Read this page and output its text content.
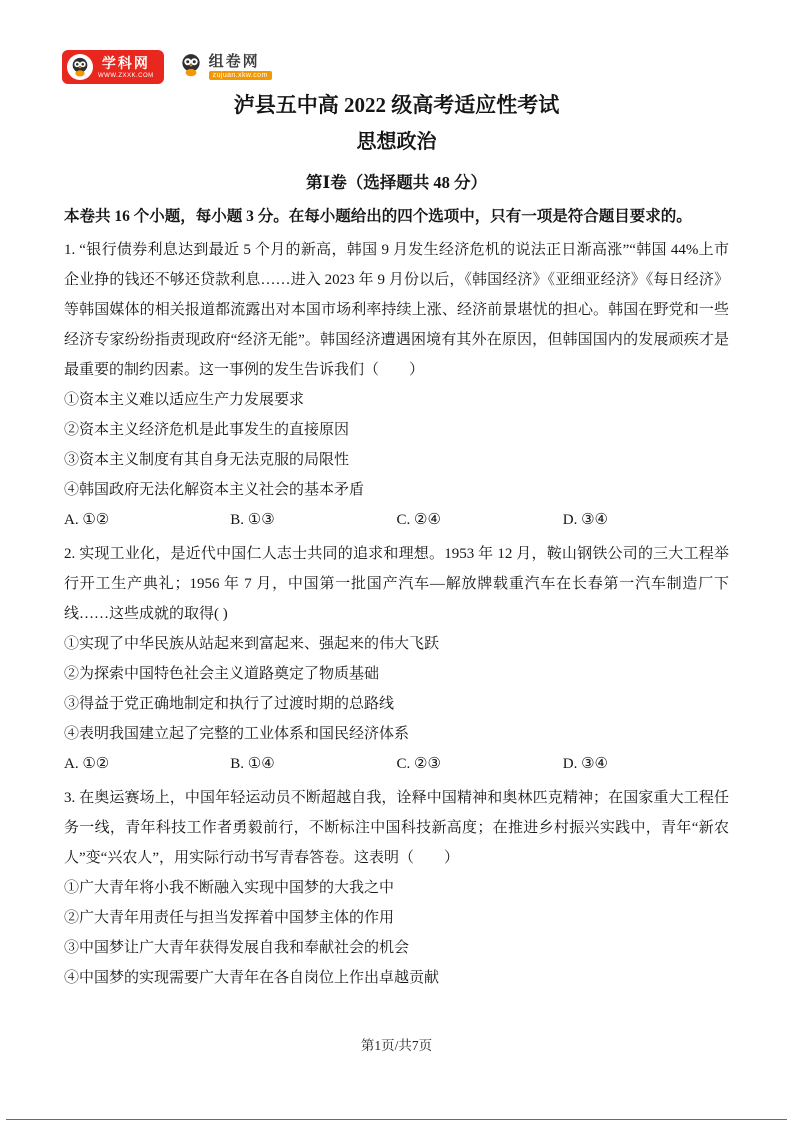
学科网
WWW.ZXXK.COM
组卷网
zujuan.xkw.com
泸县五中高 2022 级高考适应性考试
思想政治
第Ⅰ卷（选择题共 48 分）

本卷共 16 个小题，每小题 3 分。在每小题给出的四个选项中，只有一项是符合题目要求的。

1. “银行债券利息达到最近 5 个月的新高，韩国 9 月发生经济危机的说法正日渐高涨”“韩国 44%上市企业挣的钱还不够还贷款利息……进入 2023 年 9 月份以后，《韩国经济》《亚细亚经济》《每日经济》等韩国媒体的相关报道都流露出对本国市场利率持续上涨、经济前景堪忧的担心。韩国在野党和一些经济专家纷纷指责现政府“经济无能”。韩国经济遭遇困境有其外在原因，但韩国国内的发展顽疾才是最重要的制约因素。这一事例的发生告诉我们（　　）

①资本主义难以适应生产力发展要求

②资本主义经济危机是此事发生的直接原因

③资本主义制度有其自身无法克服的局限性

④韩国政府无法化解资本主义社会的基本矛盾

A. ①②	B. ①③	C. ②④	D. ③④

2. 实现工业化，是近代中国仁人志士共同的追求和理想。1953 年 12 月，鞍山钢铁公司的三大工程举行开工生产典礼；1956 年 7 月，中国第一批国产汽车—解放牌载重汽车在长春第一汽车制造厂下线……这些成就的取得( )

①实现了中华民族从站起来到富起来、强起来的伟大飞跃

②为探索中国特色社会主义道路奠定了物质基础

③得益于党正确地制定和执行了过渡时期的总路线

④表明我国建立起了完整的工业体系和国民经济体系

A. ①②	B. ①④	C. ②③	D. ③④

3. 在奥运赛场上，中国年轻运动员不断超越自我，诠释中国精神和奥林匹克精神；在国家重大工程任务一线，青年科技工作者勇毅前行，不断标注中国科技新高度；在推进乡村振兴实践中，青年“新农人”变“兴农人”，用实际行动书写青春答卷。这表明（　　）

①广大青年将小我不断融入实现中国梦的大我之中

②广大青年用责任与担当发挥着中国梦主体的作用

③中国梦让广大青年获得发展自我和奉献社会的机会

④中国梦的实现需要广大青年在各自岗位上作出卓越贡献

第1页/共7页
